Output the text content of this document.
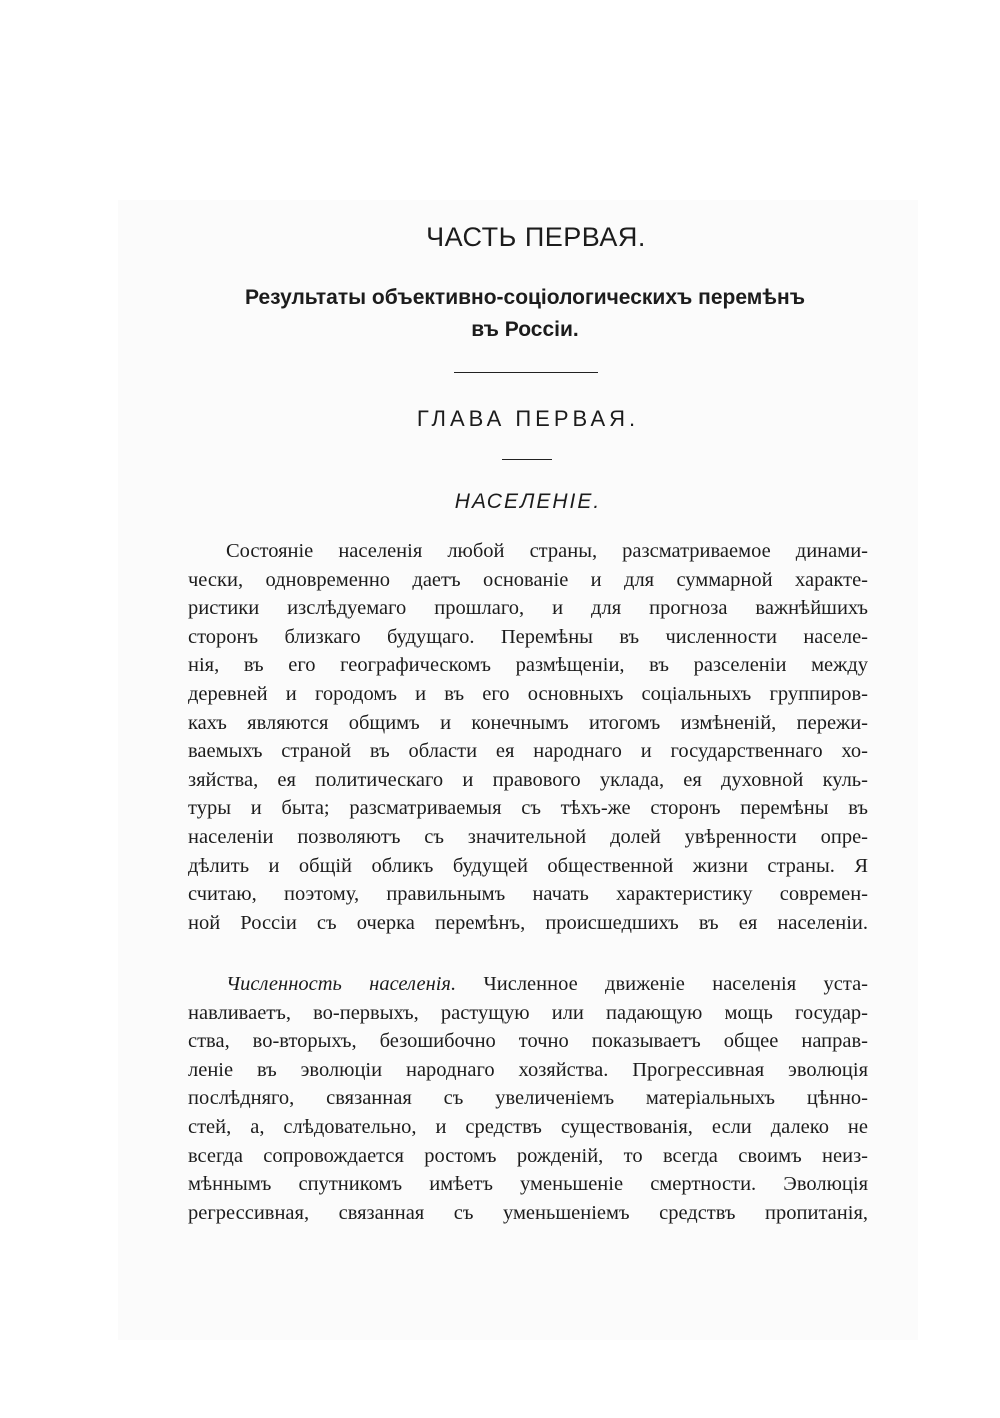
ЧАСТЬ ПЕРВАЯ.
Результаты объективно-соціологическихъ перемѣнъ
въ Россіи.
ГЛАВА ПЕРВАЯ.
НАСЕЛЕНІЕ.
Состояніе населенія любой страны, разсматриваемое динами-
чески, одновременно даетъ основаніе и для суммарной характе-
ристики изслѣдуемаго прошлаго, и для прогноза важнѣйшихъ
сторонъ близкаго будущаго. Перемѣны въ численности населе-
нія, въ его географическомъ размѣщеніи, въ разселеніи между
деревней и городомъ и въ его основныхъ соціальныхъ группиров-
кахъ являются общимъ и конечнымъ итогомъ измѣненій, пережи-
ваемыхъ страной въ области ея народнаго и государственнаго хо-
зяйства, ея политическаго и правового уклада, ея духовной куль-
туры и быта; разсматриваемыя съ тѣхъ-же сторонъ перемѣны въ
населеніи позволяютъ съ значительной долей увѣренности опре-
дѣлить и общій обликъ будущей общественной жизни страны. Я
считаю, поэтому, правильнымъ начать характеристику современ-
ной Россіи съ очерка перемѣнъ, происшедшихъ въ ея населеніи.
Численность населенія. Численное движеніе населенія уста-
навливаетъ, во-первыхъ, растущую или падающую мощь государ-
ства, во-вторыхъ, безошибочно точно показываетъ общее направ-
леніе въ эволюціи народнаго хозяйства. Прогрессивная эволюція
послѣдняго, связанная съ увеличеніемъ матеріальныхъ цѣнно-
стей, а, слѣдовательно, и средствъ существованія, если далеко не
всегда сопровождается ростомъ рожденій, то всегда своимъ неиз-
мѣннымъ спутникомъ имѣетъ уменьшеніе смертности. Эволюція
регрессивная, связанная съ уменьшеніемъ средствъ пропитанія,
